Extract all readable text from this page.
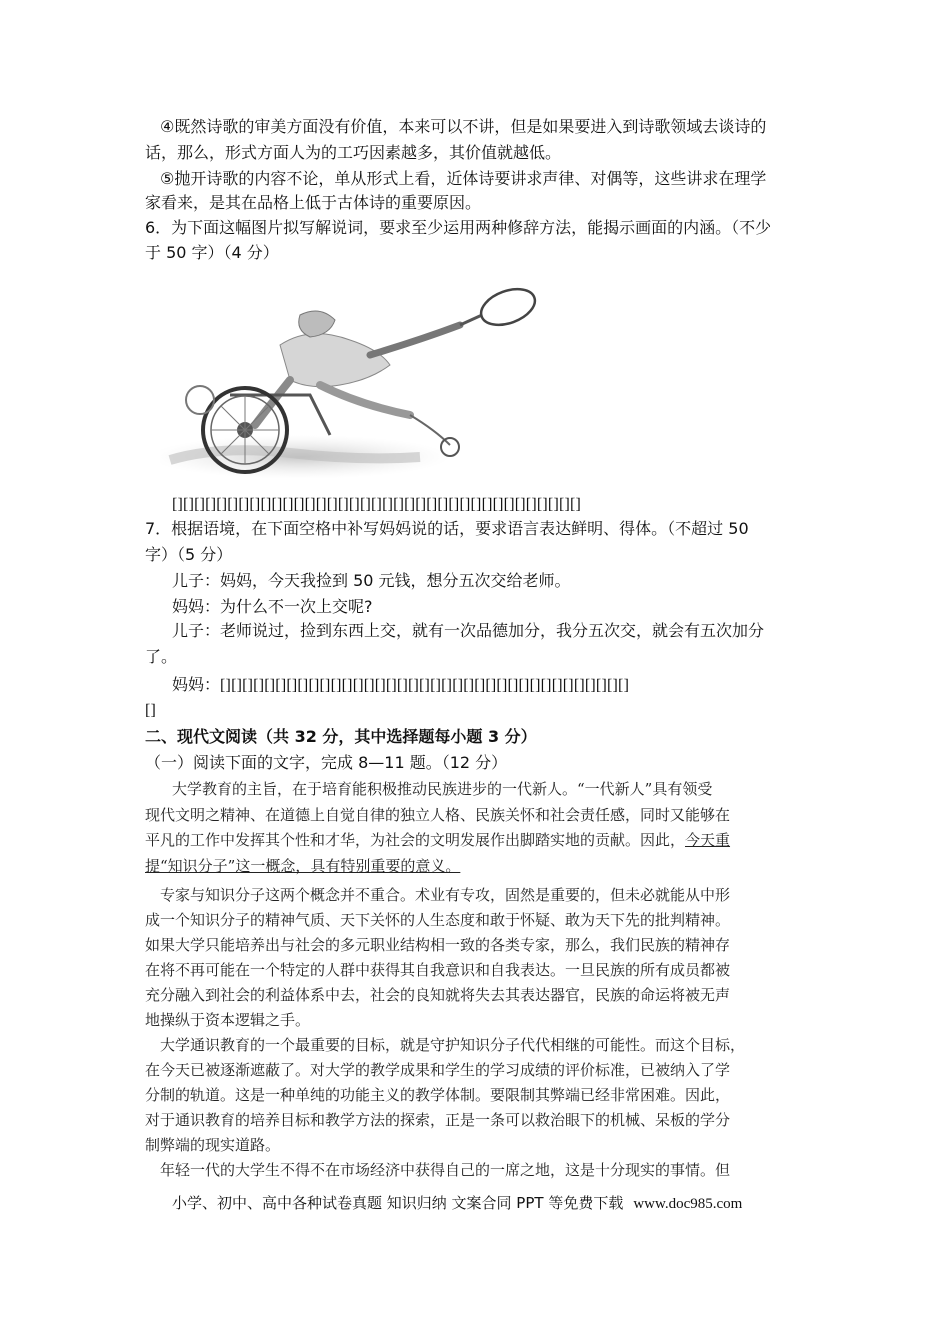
④既然诗歌的审美方面没有价值，本来可以不讲，但是如果要进入到诗歌领域去谈诗的
话，那么，形式方面人为的工巧因素越多，其价值就越低。
⑤抛开诗歌的内容不论，单从形式上看，近体诗要讲求声律、对偶等，这些讲求在理学
家看来，是其在品格上低于古体诗的重要原因。
6．为下面这幅图片拟写解说词，要求至少运用两种修辞方法，能揭示画面的内涵。（不少
于 50 字）（4 分）
[][][][][][][][][][][][][][][][][][][][][][][][][][][][][][][][][][][][][]
7．根据语境，在下面空格中补写妈妈说的话，要求语言表达鲜明、得体。（不超过 50
字）（5 分）
儿子：妈妈，今天我捡到 50 元钱，想分五次交给老师。
妈妈：为什么不一次上交呢?
儿子：老师说过，捡到东西上交，就有一次品德加分，我分五次交，就会有五次加分
了。
妈妈：[][][][][][][][][][][][][][][][][][][][][][][][][][][][][][][][][][][][][]
[]
二、现代文阅读（共 32 分，其中选择题每小题 3 分）
（一）阅读下面的文字，完成 8—11 题。（12 分）
大学教育的主旨，在于培育能积极推动民族进步的一代新人。“一代新人”具有领受
现代文明之精神、在道德上自觉自律的独立人格、民族关怀和社会责任感，同时又能够在
平凡的工作中发挥其个性和才华，为社会的文明发展作出脚踏实地的贡献。因此，今天重
提“知识分子”这一概念，具有特别重要的意义。
专家与知识分子这两个概念并不重合。术业有专攻，固然是重要的，但未必就能从中形
成一个知识分子的精神气质、天下关怀的人生态度和敢于怀疑、敢为天下先的批判精神。
如果大学只能培养出与社会的多元职业结构相一致的各类专家，那么，我们民族的精神存
在将不再可能在一个特定的人群中获得其自我意识和自我表达。一旦民族的所有成员都被
充分融入到社会的利益体系中去，社会的良知就将失去其表达器官，民族的命运将被无声
地操纵于资本逻辑之手。
大学通识教育的一个最重要的目标，就是守护知识分子代代相继的可能性。而这个目标，
在今天已被逐渐遮蔽了。对大学的教学成果和学生的学习成绩的评价标准，已被纳入了学
分制的轨道。这是一种单纯的功能主义的教学体制。要限制其弊端已经非常困难。因此，
对于通识教育的培养目标和教学方法的探索，正是一条可以救治眼下的机械、呆板的学分
制弊端的现实道路。
年轻一代的大学生不得不在市场经济中获得自己的一席之地，这是十分现实的事情。但
小学、初中、高中各种试卷真题 知识归纳 文案合同 PPT 等免费下载 www.doc985.com
